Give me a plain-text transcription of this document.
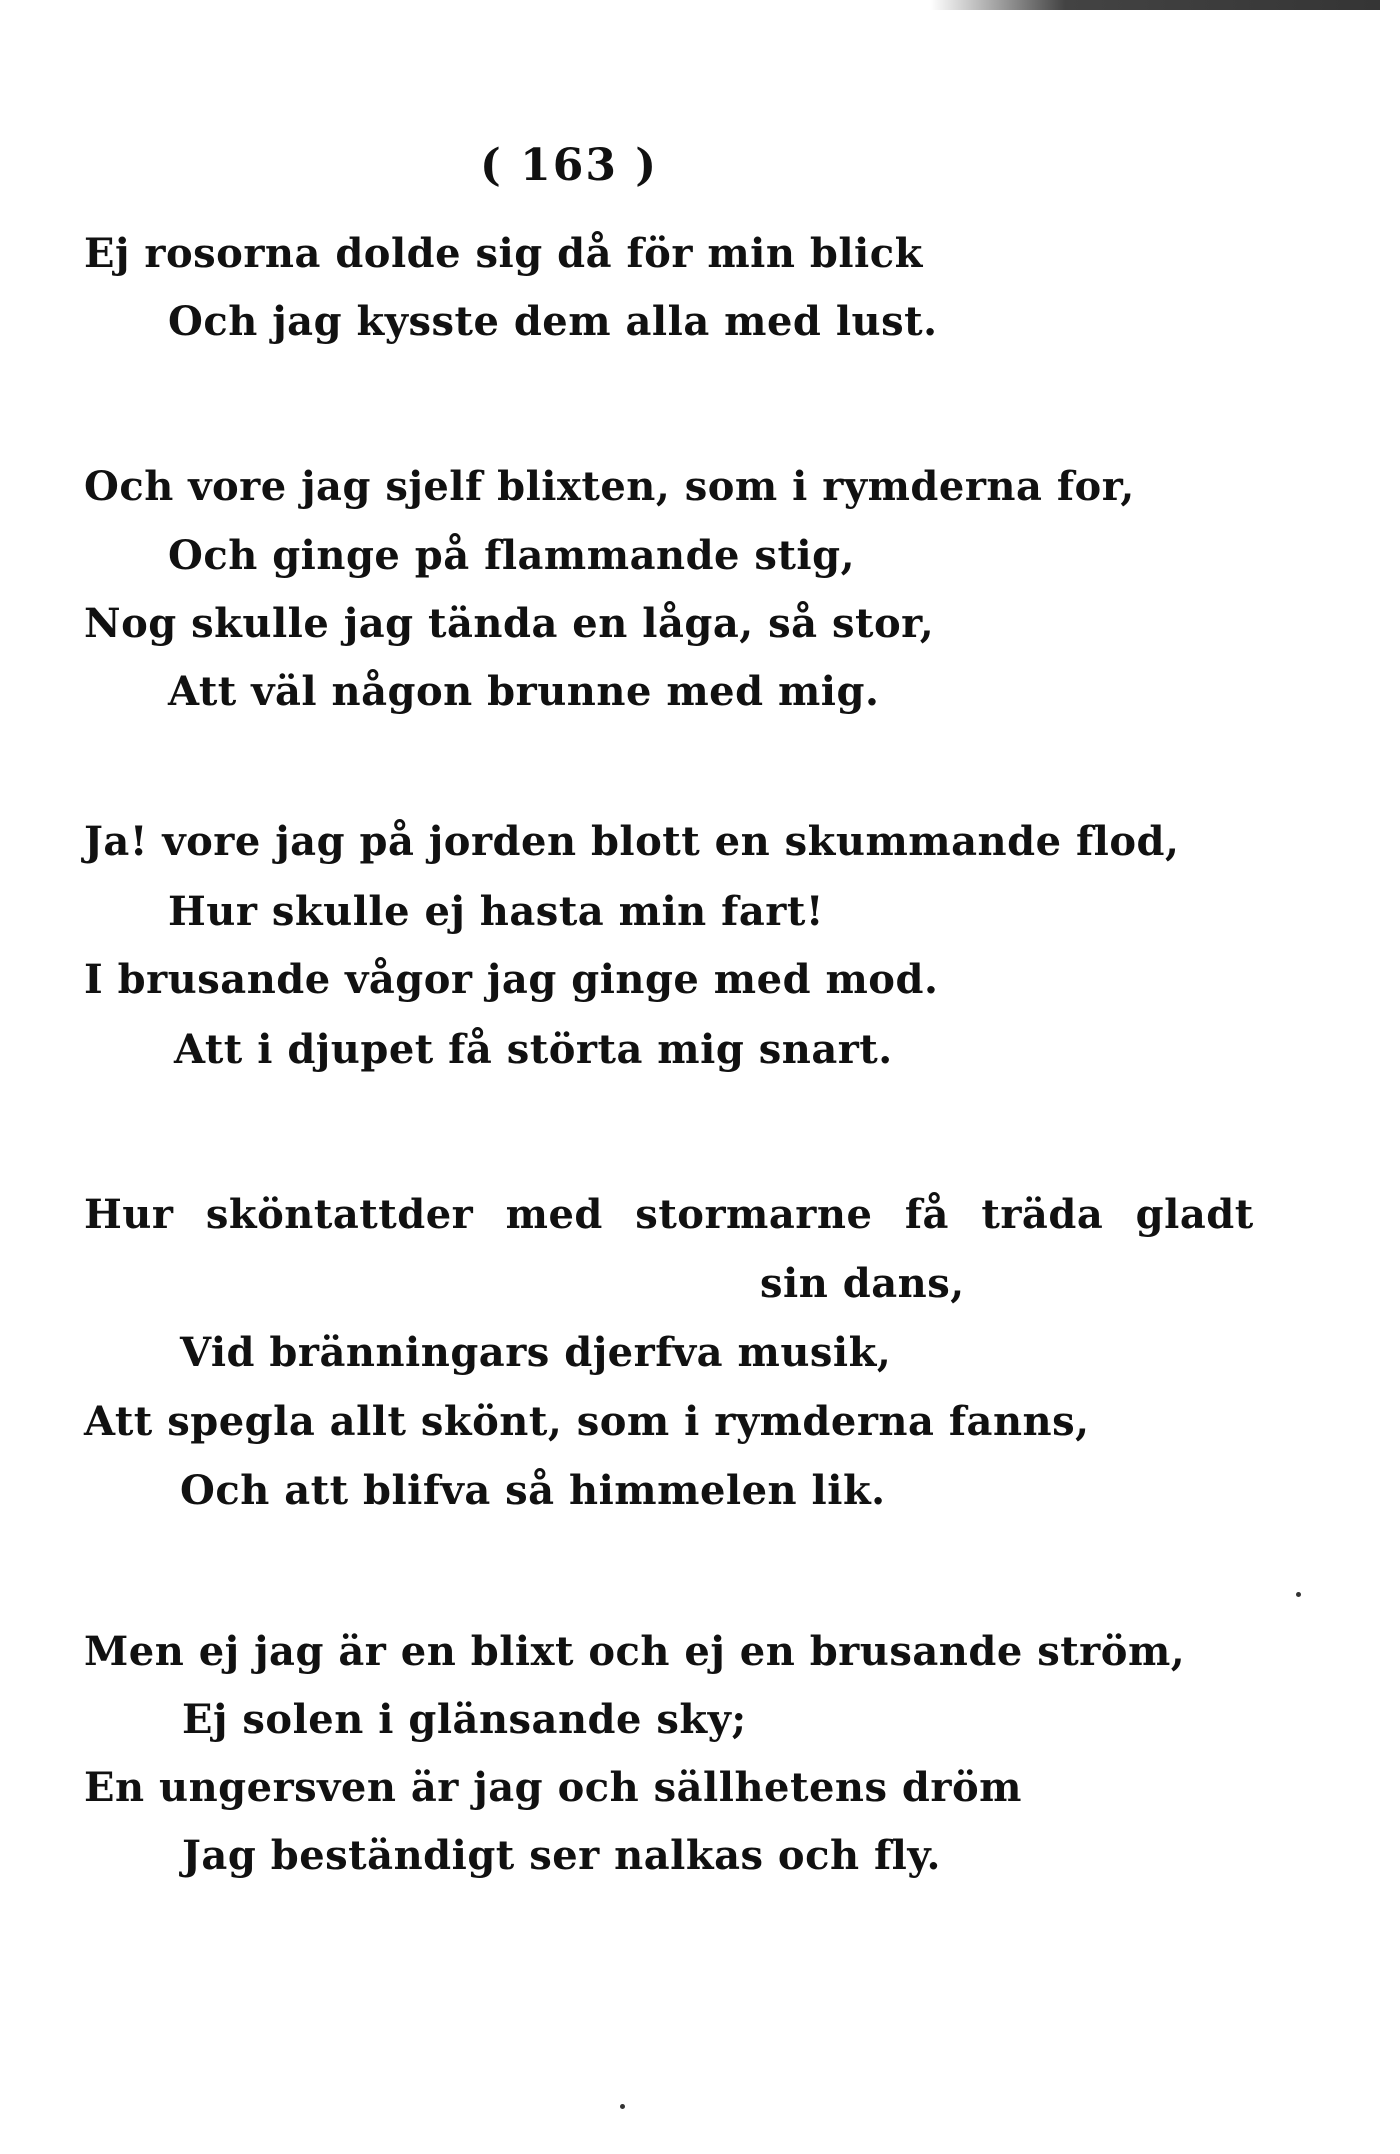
( 163 )
Ej rosorna dolde sig då för min blick
Och jag kysste dem alla med lust.
Och vore jag sjelf blixten, som i rymderna for,
Och ginge på flammande stig,
Nog skulle jag tända en låga, så stor,
Att väl någon brunne med mig.
Ja! vore jag på jorden blott en skummande flod,
Hur skulle ej hasta min fart!
I brusande vågor jag ginge med mod.
Att i djupet få störta mig snart.
Hur sköntattder med stormarne få träda gladt
sin dans,
Vid bränningars djerfva musik,
Att spegla allt skönt, som i rymderna fanns,
Och att blifva så himmelen lik.
Men ej jag är en blixt och ej en brusande ström,
Ej solen i glänsande sky;
En ungersven är jag och sällhetens dröm
Jag beständigt ser nalkas och fly.
